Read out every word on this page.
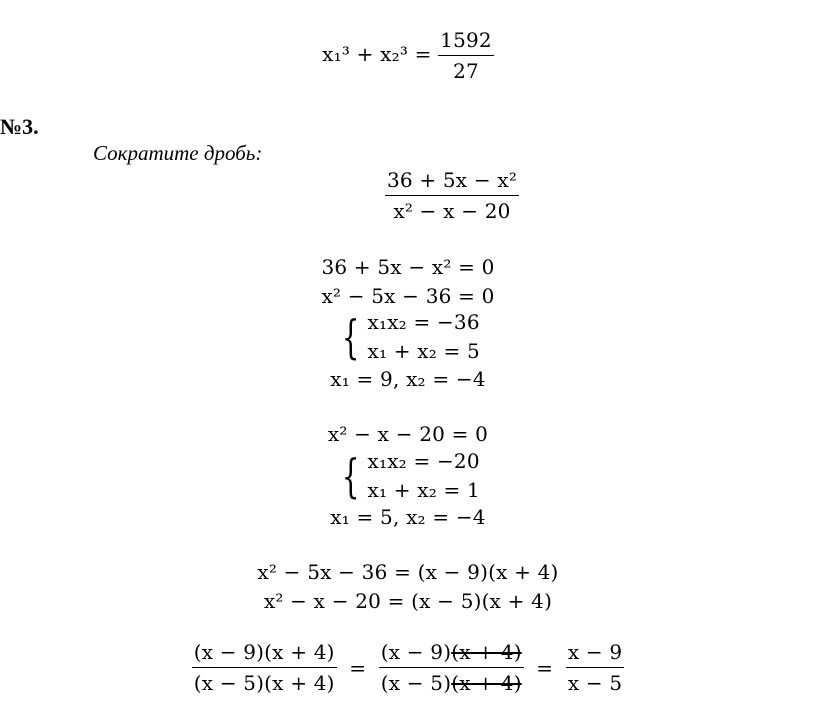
$x_1^3 + x_2^3 = \frac{1592}{27}$
№3.
Сократите дробь:
$\frac{\text{36 + 5x − x²}}{\text{x² − x − 20}}$
36 + 5x − x² = 0
x² − 5x − 36 = 0
{ x₁x₂ = −36
x₁ + x₂ = 5
x₁ = 9, x₂ = −4
x² − x − 20 = 0
{ x₁x₂ = −20
x₁ + x₂ = 1
x₁ = 5, x₂ = −4
x² − 5x − 36 = (x − 9)(x + 4)
x² − x − 20 = (x − 5)(x + 4)
$\frac{(x - 9)(x + 4)}{(x - 5)(x + 4)} = \frac{(x - 9)(x + 4)}{(x - 5)(x + 4)} = \frac{x - 9}{x - 5}$
